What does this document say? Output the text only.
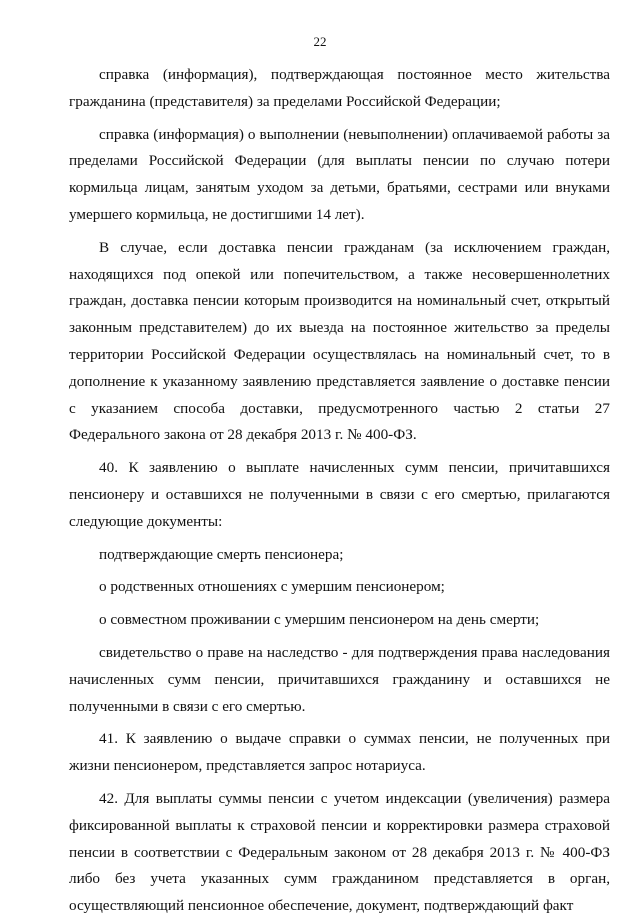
22

справка (информация), подтверждающая постоянное место жительства гражданина (представителя) за пределами Российской Федерации;

справка (информация) о выполнении (невыполнении) оплачиваемой работы за пределами Российской Федерации (для выплаты пенсии по случаю потери кормильца лицам, занятым уходом за детьми, братьями, сестрами или внуками умершего кормильца, не достигшими 14 лет).

В случае, если доставка пенсии гражданам (за исключением граждан, находящихся под опекой или попечительством, а также несовершеннолетних граждан, доставка пенсии которым производится на номинальный счет, открытый законным представителем) до их выезда на постоянное жительство за пределы территории Российской Федерации осуществлялась на номинальный счет, то в дополнение к указанному заявлению представляется заявление о доставке пенсии с указанием способа доставки, предусмотренного частью 2 статьи 27 Федерального закона от 28 декабря 2013 г. № 400-ФЗ.

40. К заявлению о выплате начисленных сумм пенсии, причитавшихся пенсионеру и оставшихся не полученными в связи с его смертью, прилагаются следующие документы:

подтверждающие смерть пенсионера;

о родственных отношениях с умершим пенсионером;

о совместном проживании с умершим пенсионером на день смерти;

свидетельство о праве на наследство - для подтверждения права наследования начисленных сумм пенсии, причитавшихся гражданину и оставшихся не полученными в связи с его смертью.

41. К заявлению о выдаче справки о суммах пенсии, не полученных при жизни пенсионером, представляется запрос нотариуса.

42. Для выплаты суммы пенсии с учетом индексации (увеличения) размера фиксированной выплаты к страховой пенсии и корректировки размера страховой пенсии в соответствии с Федеральным законом от 28 декабря 2013 г. № 400-ФЗ либо без учета указанных сумм гражданином представляется в орган, осуществляющий пенсионное обеспечение, документ, подтверждающий факт
